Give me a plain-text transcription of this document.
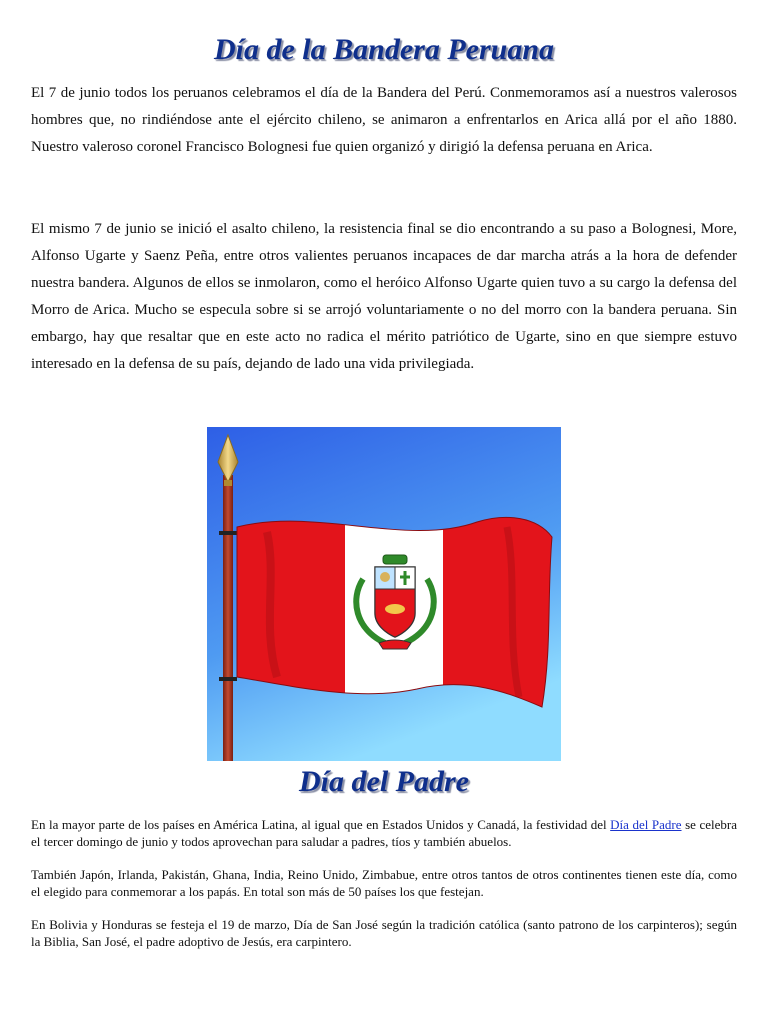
Día de la Bandera Peruana

El 7 de junio todos los peruanos celebramos el día de la Bandera del Perú. Conmemoramos así a nuestros valerosos hombres que, no rindiéndose ante el ejército chileno, se animaron a enfrentarlos en Arica allá por el año 1880. Nuestro valeroso coronel Francisco Bolognesi fue quien organizó y dirigió la defensa peruana en Arica.

El mismo 7 de junio se inició el asalto chileno, la resistencia final se dio encontrando a su paso a Bolognesi, More, Alfonso Ugarte y Saenz Peña, entre otros valientes peruanos incapaces de dar marcha atrás a la hora de defender nuestra bandera. Algunos de ellos se inmolaron, como el heróico Alfonso Ugarte quien tuvo a su cargo la defensa del Morro de Arica. Mucho se especula sobre si se arrojó voluntariamente o no del morro con la bandera peruana. Sin embargo, hay que resaltar que en este acto no radica el mérito patriótico de Ugarte, sino en que siempre estuvo interesado en la defensa de su país, dejando de lado una vida privilegiada.

Día del Padre

En la mayor parte de los países en América Latina, al igual que en Estados Unidos y Canadá, la festividad del Día del Padre se celebra el tercer domingo de junio y todos aprovechan para saludar a padres, tíos y también abuelos.

También Japón, Irlanda, Pakistán, Ghana, India, Reino Unido, Zimbabue, entre otros tantos de otros continentes tienen este día, como el elegido para conmemorar a los papás. En total son más de 50 países los que festejan.

En Bolivia y Honduras se festeja el 19 de marzo, Día de San José según la tradición católica (santo patrono de los carpinteros); según la Biblia, San José, el padre adoptivo de Jesús, era carpintero.
